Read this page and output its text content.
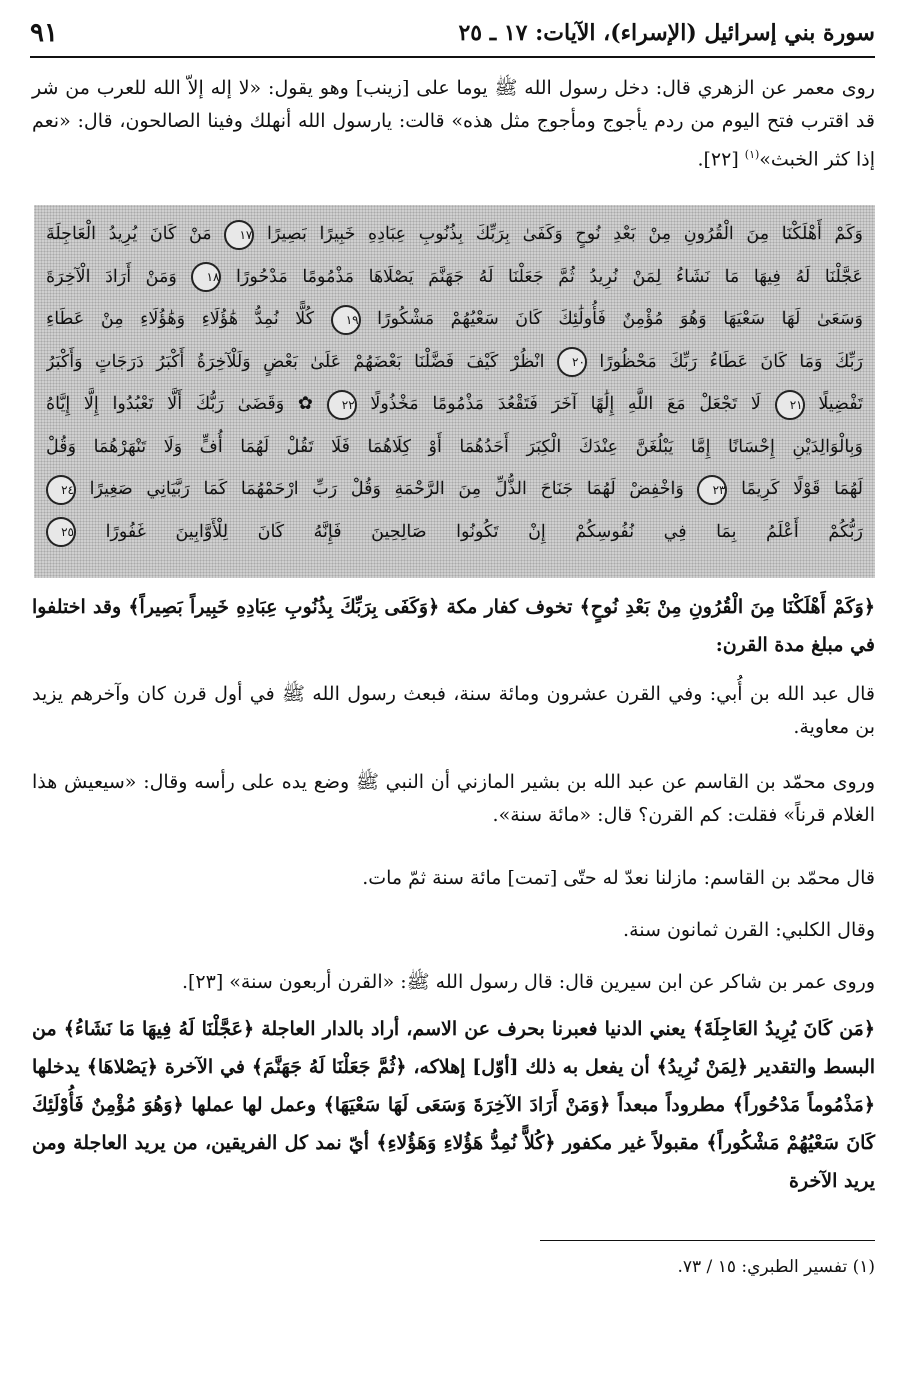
سورة بني إسرائيل (الإسراء)، الآيات: ١٧ ـ ٢٥
٩١
روى معمر عن الزهري قال: دخل رسول الله ﷺ يوما على [زينب] وهو يقول: «لا إله إلاّ الله للعرب من شر قد اقترب فتح اليوم من ردم يأجوج ومأجوج مثل هذه» قالت: يارسول الله أنهلك وفينا الصالحون، قال: «نعم إذا كثر الخبث»$^{(١)}$ [٢٢].
وَكَمْ أَهْلَكْنَا مِنَ الْقُرُونِ مِنْ بَعْدِ نُوحٍ وَكَفَىٰ بِرَبِّكَ بِذُنُوبِ عِبَادِهِ خَبِيرًا بَصِيرًا ١٧ مَنْ كَانَ يُرِيدُ الْعَاجِلَةَ
عَجَّلْنَا لَهُ فِيهَا مَا نَشَاءُ لِمَنْ نُرِيدُ ثُمَّ جَعَلْنَا لَهُ جَهَنَّمَ يَصْلَاهَا مَذْمُومًا مَدْحُورًا ١٨ وَمَنْ أَرَادَ الْآخِرَةَ
وَسَعَىٰ لَهَا سَعْيَهَا وَهُوَ مُؤْمِنٌ فَأُولَٰئِكَ كَانَ سَعْيُهُمْ مَشْكُورًا ١٩ كُلًّا نُمِدُّ هَٰؤُلَاءِ وَهَٰؤُلَاءِ مِنْ عَطَاءِ
رَبِّكَ وَمَا كَانَ عَطَاءُ رَبِّكَ مَحْظُورًا ٢٠ انْظُرْ كَيْفَ فَضَّلْنَا بَعْضَهُمْ عَلَىٰ بَعْضٍ وَلَلْآخِرَةُ أَكْبَرُ دَرَجَاتٍ وَأَكْبَرُ
تَفْضِيلًا ٢١ لَا تَجْعَلْ مَعَ اللَّهِ إِلَٰهًا آخَرَ فَتَقْعُدَ مَذْمُومًا مَخْذُولًا ٢٢ ✿ وَقَضَىٰ رَبُّكَ أَلَّا تَعْبُدُوا إِلَّا إِيَّاهُ
وَبِالْوَالِدَيْنِ إِحْسَانًا إِمَّا يَبْلُغَنَّ عِنْدَكَ الْكِبَرَ أَحَدُهُمَا أَوْ كِلَاهُمَا فَلَا تَقُلْ لَهُمَا أُفٍّ وَلَا تَنْهَرْهُمَا وَقُلْ
لَهُمَا قَوْلًا كَرِيمًا ٢٣ وَاخْفِضْ لَهُمَا جَنَاحَ الذُّلِّ مِنَ الرَّحْمَةِ وَقُلْ رَبِّ ارْحَمْهُمَا كَمَا رَبَّيَانِي صَغِيرًا ٢٤
رَبُّكُمْ أَعْلَمُ بِمَا فِي نُفُوسِكُمْ إِنْ تَكُونُوا صَالِحِينَ فَإِنَّهُ كَانَ لِلْأَوَّابِينَ غَفُورًا ٢٥
﴿وَكَمْ أَهْلَكْنَا مِنَ الْقُرُونِ مِنْ بَعْدِ نُوحٍ﴾ تخوف كفار مكة ﴿وَكَفَى بِرَبِّكَ بِذُنُوبِ عِبَادِهِ خَبِيراً بَصِيراً﴾ وقد اختلفوا في مبلغ مدة القرن:
قال عبد الله بن أُبي: وفي القرن عشرون ومائة سنة، فبعث رسول الله ﷺ في أول قرن كان وآخرهم يزيد بن معاوية.
وروى محمّد بن القاسم عن عبد الله بن بشير المازني أن النبي ﷺ وضع يده على رأسه وقال: «سيعيش هذا الغلام قرناً» فقلت: كم القرن؟ قال: «مائة سنة».
قال محمّد بن القاسم: مازلنا نعدّ له حتّى [تمت] مائة سنة ثمّ مات.
وقال الكلبي: القرن ثمانون سنة.
وروى عمر بن شاكر عن ابن سيرين قال: قال رسول الله ﷺ: «القرن أربعون سنة» [٢٣].
﴿مَن كَانَ يُرِيدُ العَاجِلَةَ﴾ يعني الدنيا فعبرنا بحرف عن الاسم، أراد بالدار العاجلة ﴿عَجَّلْنَا لَهُ فِيهَا مَا نَشَاءُ﴾ من البسط والتقدير ﴿لِمَنْ نُرِيدُ﴾ أن يفعل به ذلك [أوّل] إهلاكه، ﴿ثُمَّ جَعَلْنَا لَهُ جَهَنَّمَ﴾ في الآخرة ﴿يَصْلاهَا﴾ يدخلها ﴿مَذْمُوماً مَدْحُوراً﴾ مطروداً مبعداً ﴿وَمَنْ أَرَادَ الآخِرَةَ وَسَعَى لَهَا سَعْيَهَا﴾ وعمل لها عملها ﴿وَهُوَ مُؤْمِنٌ فَأُوْلَئِكَ كَانَ سَعْيُهُمْ مَشْكُوراً﴾ مقبولاً غير مكفور ﴿كُلاًّ نُمِدُّ هَؤُلاءِ وَهَؤُلاءِ﴾ أيّ نمد كل الفريقين، من يريد العاجلة ومن يريد الآخرة
(١) تفسير الطبري: ١٥ / ٧٣.
